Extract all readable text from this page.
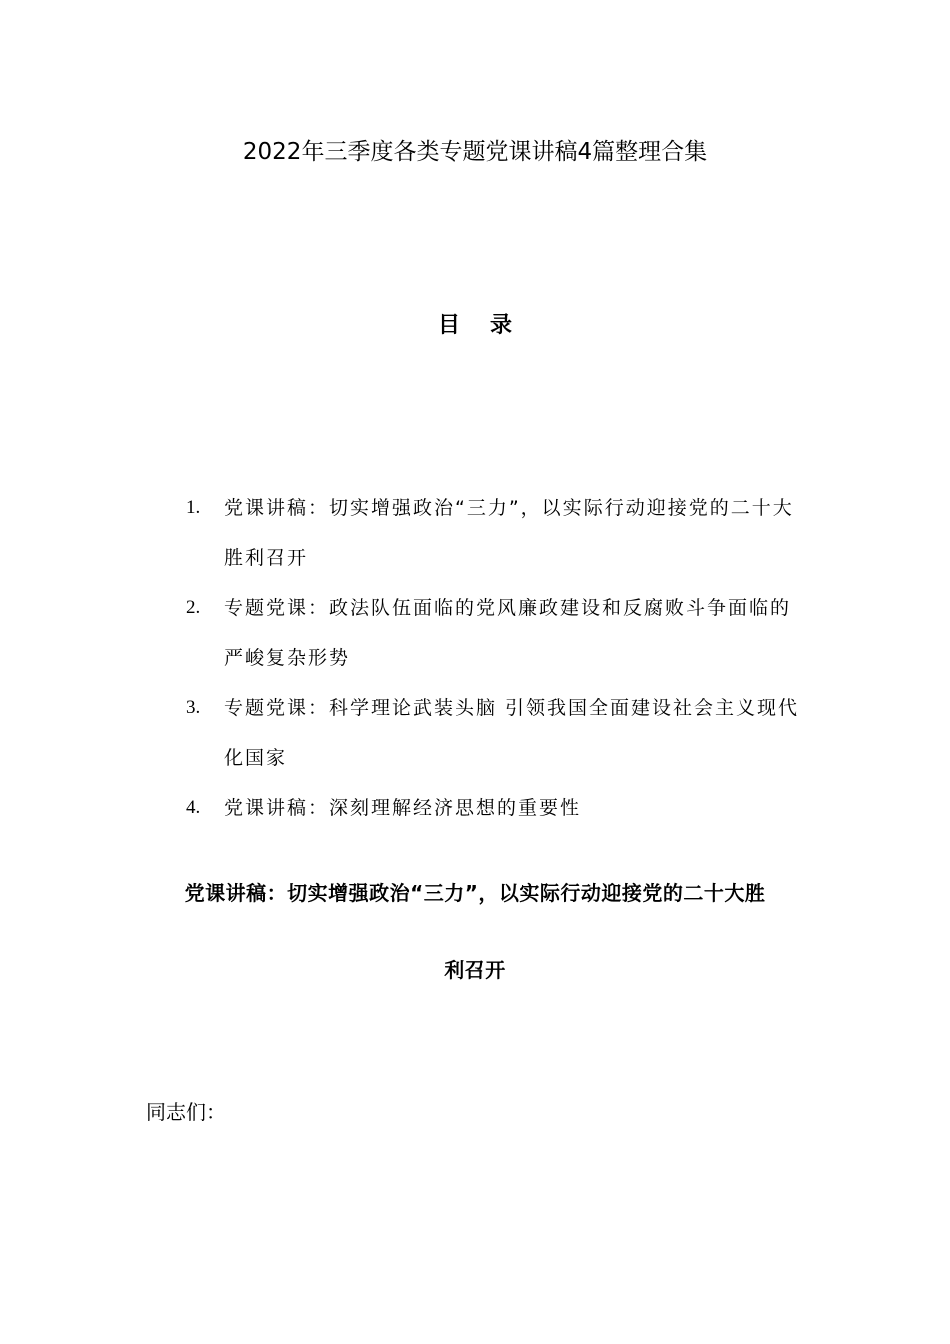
2022年三季度各类专题党课讲稿4篇整理合集
目 录
1.	党课讲稿：切实增强政治“三力”，以实际行动迎接党的二十大胜利召开
2.	专题党课：政法队伍面临的党风廉政建设和反腐败斗争面临的严峻复杂形势
3.	专题党课：科学理论武装头脑 引领我国全面建设社会主义现代化国家
4.	党课讲稿：深刻理解经济思想的重要性
党课讲稿：切实增强政治“三力”，以实际行动迎接党的二十大胜
利召开
同志们：
